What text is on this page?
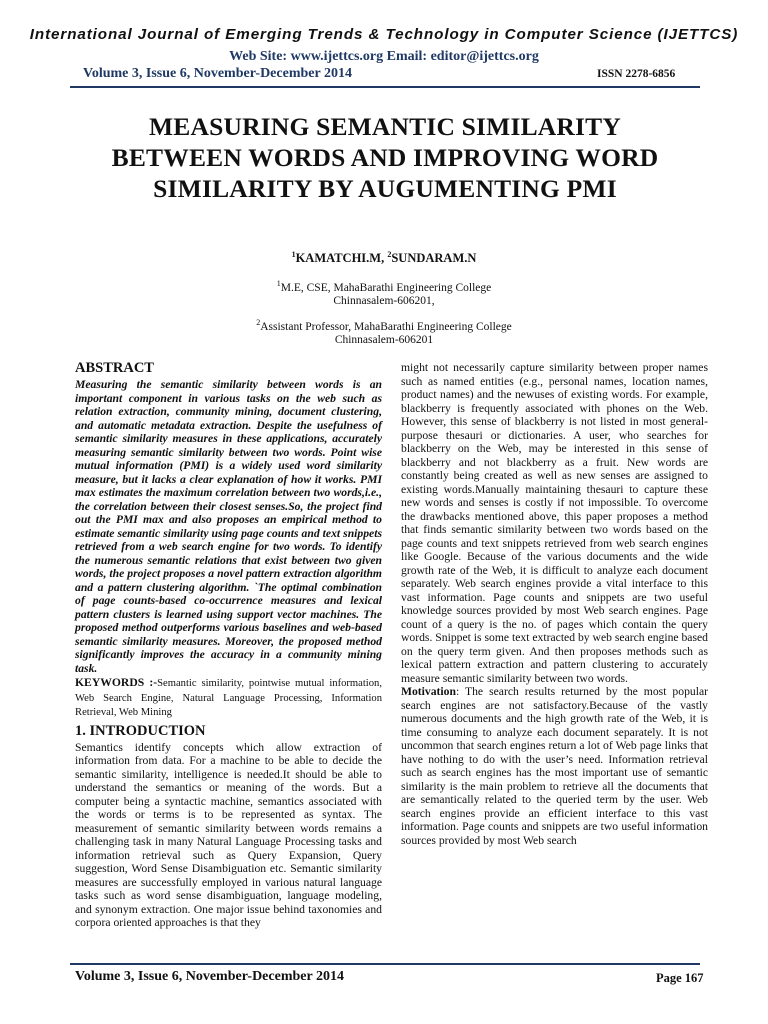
International Journal of Emerging Trends & Technology in Computer Science (IJETTCS)
Web Site: www.ijettcs.org Email: editor@ijettcs.org
Volume 3, Issue 6, November-December 2014	ISSN 2278-6856
MEASURING SEMANTIC SIMILARITY BETWEEN WORDS AND IMPROVING WORD SIMILARITY BY AUGUMENTING PMI
$^1$KAMATCHI.M, $^2$SUNDARAM.N
$^1$M.E, CSE, MahaBarathi Engineering College
Chinnasalem-606201,
$^2$Assistant Professor, MahaBarathi Engineering College
Chinnasalem-606201
ABSTRACT
Measuring the semantic similarity between words is an important component in various tasks on the web such as relation extraction, community mining, document clustering, and automatic metadata extraction. Despite the usefulness of semantic similarity measures in these applications, accurately measuring semantic similarity between two words. Point wise mutual information (PMI) is a widely used word similarity measure, but it lacks a clear explanation of how it works. PMI max estimates the maximum correlation between two words,i.e., the correlation between their closest senses.So, the project find out the PMI max and also proposes an empirical method to estimate semantic similarity using page counts and text snippets retrieved from a web search engine for two words. To identify the numerous semantic relations that exist between two given words, the project proposes a novel pattern extraction algorithm and a pattern clustering algorithm. `The optimal combination of page counts-based co-occurrence measures and lexical pattern clusters is learned using support vector machines. The proposed method outperforms various baselines and web-based semantic similarity measures. Moreover, the proposed method significantly improves the accuracy in a community mining task.
KEYWORDS :-Semantic similarity, pointwise mutual information, Web Search Engine, Natural Language Processing, Information Retrieval, Web Mining
1. INTRODUCTION
Semantics identify concepts which allow extraction of information from data. For a machine to be able to decide the semantic similarity, intelligence is needed.It should be able to understand the semantics or meaning of the words. But a computer being a syntactic machine, semantics associated with the words or terms is to be represented as syntax. The measurement of semantic similarity between words remains a challenging task in many Natural Language Processing tasks and information retrieval such as Query Expansion, Query suggestion, Word Sense Disambiguation etc. Semantic similarity measures are successfully employed in various natural language tasks such as word sense disambiguation, language modeling, and synonym extraction. One major issue behind taxonomies and corpora oriented approaches is that they
might not necessarily capture similarity between proper names such as named entities (e.g., personal names, location names, product names) and the newuses of existing words. For example, blackberry is frequently associated with phones on the Web. However, this sense of blackberry is not listed in most general-purpose thesauri or dictionaries. A user, who searches for blackberry on the Web, may be interested in this sense of blackberry and not blackberry as a fruit. New words are constantly being created as well as new senses are assigned to existing words.Manually maintaining thesauri to capture these new words and senses is costly if not impossible. To overcome the drawbacks mentioned above, this paper proposes a method that finds semantic similarity between two words based on the page counts and text snippets retrieved from web search engines like Google. Because of the various documents and the wide growth rate of the Web, it is difficult to analyze each document separately. Web search engines provide a vital interface to this vast information. Page counts and snippets are two useful knowledge sources provided by most Web search engines. Page count of a query is the no. of pages which contain the query words. Snippet is some text extracted by web search engine based on the query term given. And then proposes methods such as lexical pattern extraction and pattern clustering to accurately measure semantic similarity between two words.
Motivation: The search results returned by the most popular search engines are not satisfactory.Because of the vastly numerous documents and the high growth rate of the Web, it is time consuming to analyze each document separately. It is not uncommon that search engines return a lot of Web page links that have nothing to do with the user’s need. Information retrieval such as search engines has the most important use of semantic similarity is the main problem to retrieve all the documents that are semantically related to the queried term by the user. Web search engines provide an efficient interface to this vast information. Page counts and snippets are two useful information sources provided by most Web search
Volume 3, Issue 6, November-December 2014	Page 167
